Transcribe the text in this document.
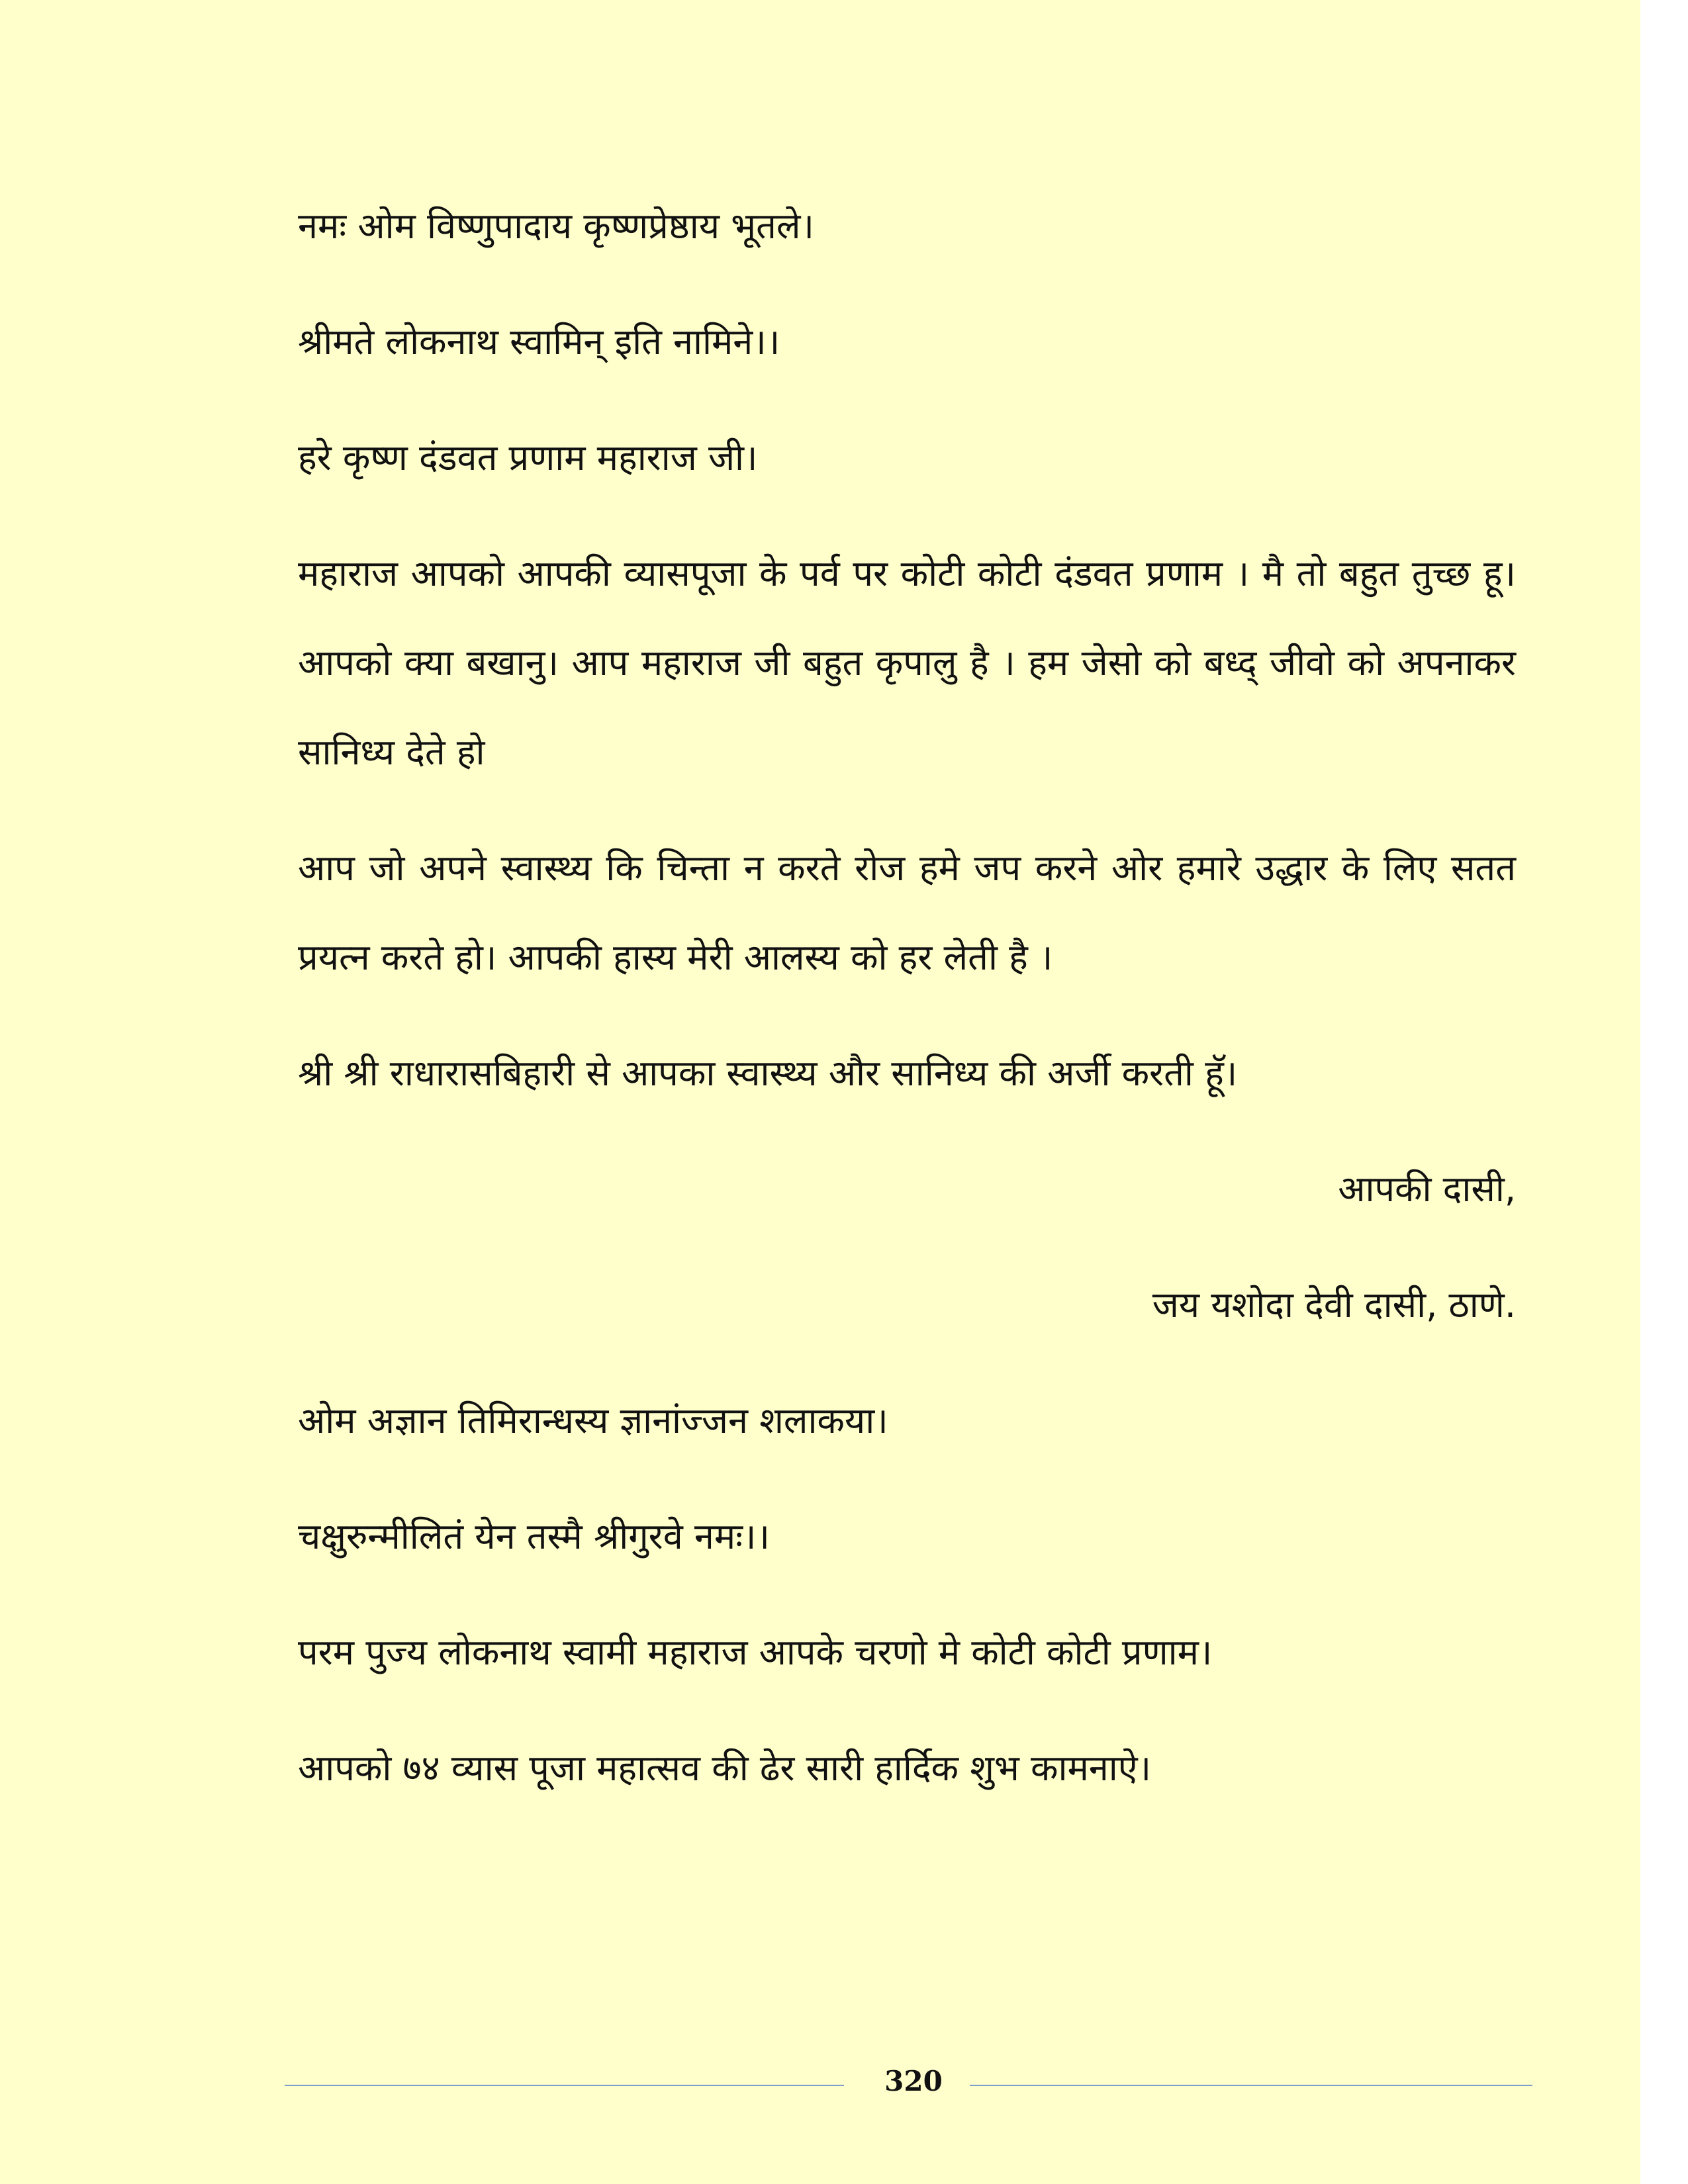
नमः ओम विष्णुपादाय कृष्णप्रेष्ठाय भूतले।
श्रीमते लोकनाथ स्वामिन् इति नामिने।।
हरे कृष्ण दंडवत प्रणाम महाराज जी।
महाराज आपको आपकी व्यासपूजा के पर्व पर कोटी कोटी दंडवत प्रणाम । मै तो बहुत तुच्छ हू।
आपको क्या बखानु। आप महाराज जी बहुत कृपालु है । हम जेसो को बध्द् जीवो को अपनाकर
सानिध्य देते हो
आप जो अपने स्वास्थ्य कि चिन्ता न करते रोज हमे जप करने ओर हमारे उद्धार के लिए सतत
प्रयत्न करते हो। आपकी हास्य मेरी आलस्य को हर लेती है ।
श्री श्री राधारासबिहारी से आपका स्वास्थ्य और सानिध्य की अर्जी करती हूॅ।
आपकी दासी,
जय यशोदा देवी दासी, ठाणे.
ओम अज्ञान तिमिरान्धस्य ज्ञानांज्जन शलाकया।
चक्षुरुन्मीलितं येन तस्मै श्रीगुरवे नमः।।
परम पुज्य लोकनाथ स्वामी महाराज आपके चरणो मे कोटी कोटी प्रणाम।
आपको ७४ व्यास पूजा महात्सव की ढेर सारी हार्दिक शुभ कामनाऐ।
320
